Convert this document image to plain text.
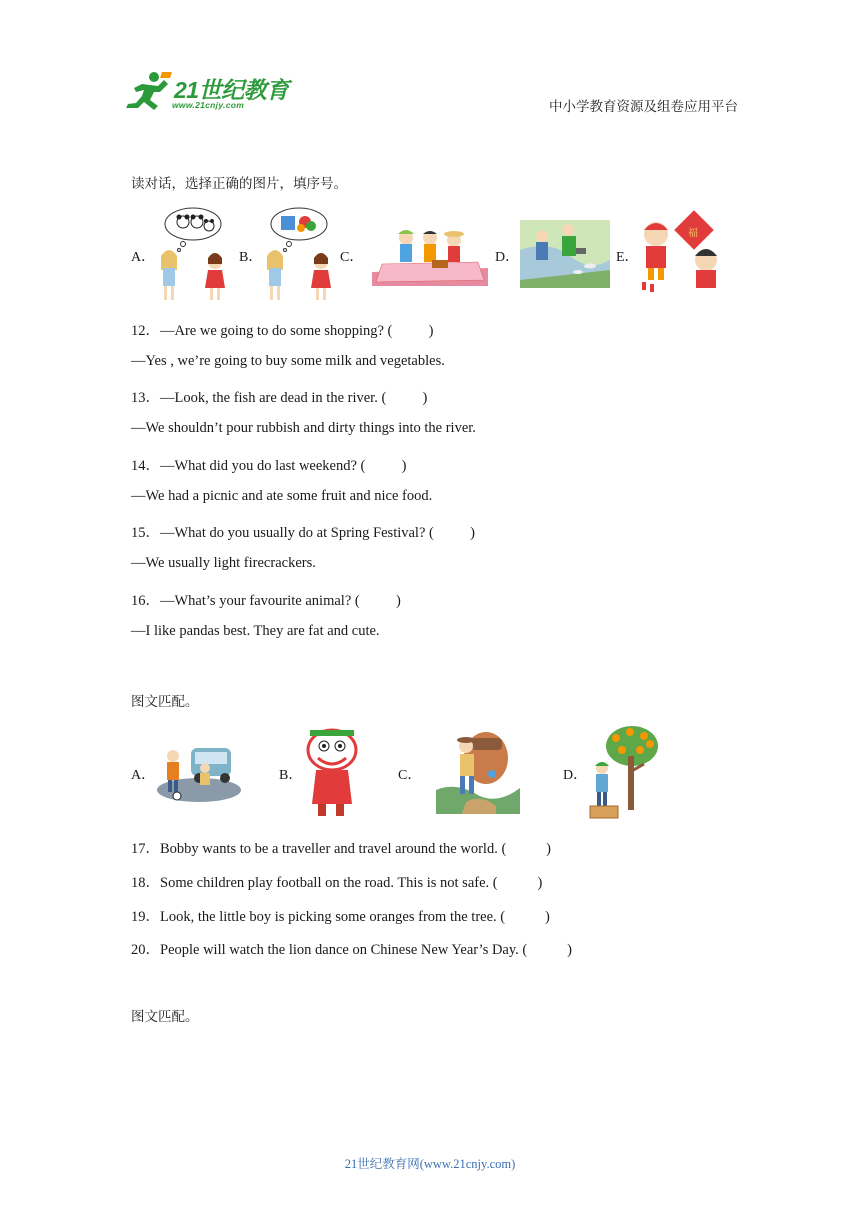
21世纪教育
www.21cnjy.com	中小学教育资源及组卷应用平台
读对话，选择正确的图片，填序号。
A．	B．	C．	D．	E．
福
12．—Are we going to do some shopping? (          )
—Yes , we’re going to buy some milk and vegetables.
13．—Look, the fish are dead in the river. (          )
—We shouldn’t pour rubbish and dirty things into the river.
14．—What did you do last weekend? (          )
—We had a picnic and ate some fruit and nice food.
15．—What do you usually do at Spring Festival? (          )
—We usually light firecrackers.
16．—What’s your favourite animal? (          )
—I like pandas best. They are fat and cute.
图文匹配。
A．	B．	C．	D．
17．Bobby wants to be a traveller and travel around the world. (           )
18．Some children play football on the road. This is not safe. (           )
19．Look, the little boy is picking some oranges from the tree. (           )
20．People will watch the lion dance on Chinese New Year’s Day. (           )
图文匹配。
21世纪教育网(www.21cnjy.com)
